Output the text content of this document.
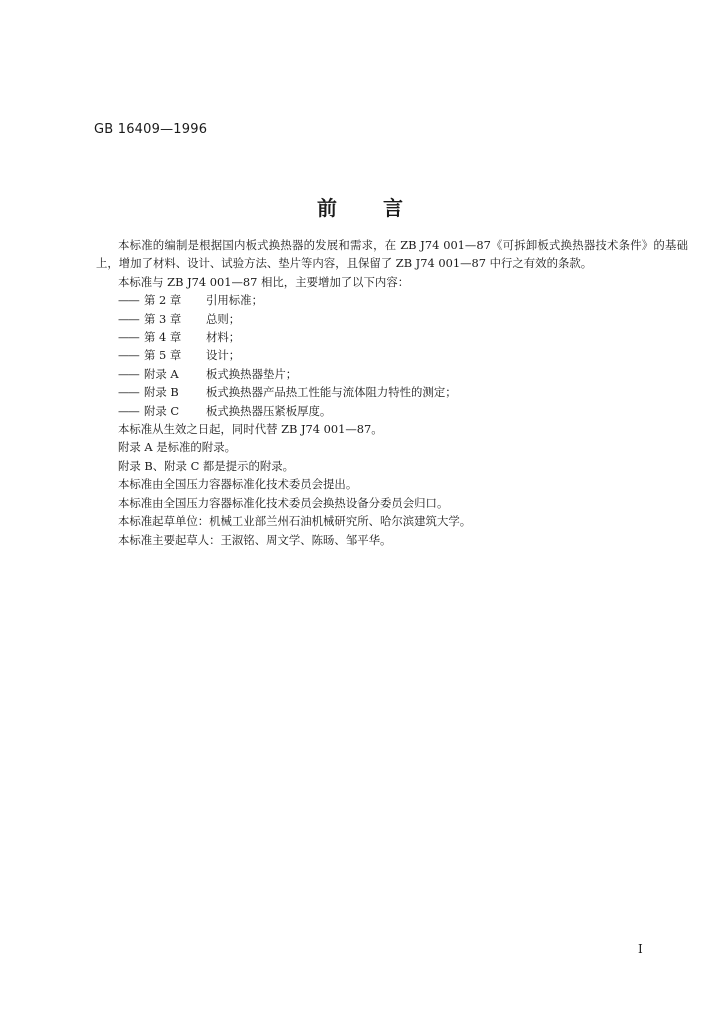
GB 16409—1996
前 言

本标准的编制是根据国内板式换热器的发展和需求，在 ZB J74 001—87《可拆卸板式换热器技术条件》的基础上，增加了材料、设计、试验方法、垫片等内容，且保留了 ZB J74 001—87 中行之有效的条款。

本标准与 ZB J74 001—87 相比，主要增加了以下内容：

—— 第 2 章 引用标准；

—— 第 3 章 总则；

—— 第 4 章 材料；

—— 第 5 章 设计；

—— 附录 A 板式换热器垫片；

—— 附录 B 板式换热器产品热工性能与流体阻力特性的测定；

—— 附录 C 板式换热器压紧板厚度。

本标准从生效之日起，同时代替 ZB J74 001—87。

附录 A 是标准的附录。

附录 B、附录 C 都是提示的附录。

本标准由全国压力容器标准化技术委员会提出。

本标准由全国压力容器标准化技术委员会换热设备分委员会归口。

本标准起草单位：机械工业部兰州石油机械研究所、哈尔滨建筑大学。

本标准主要起草人：王淑铭、周文学、陈旸、邹平华。

I
